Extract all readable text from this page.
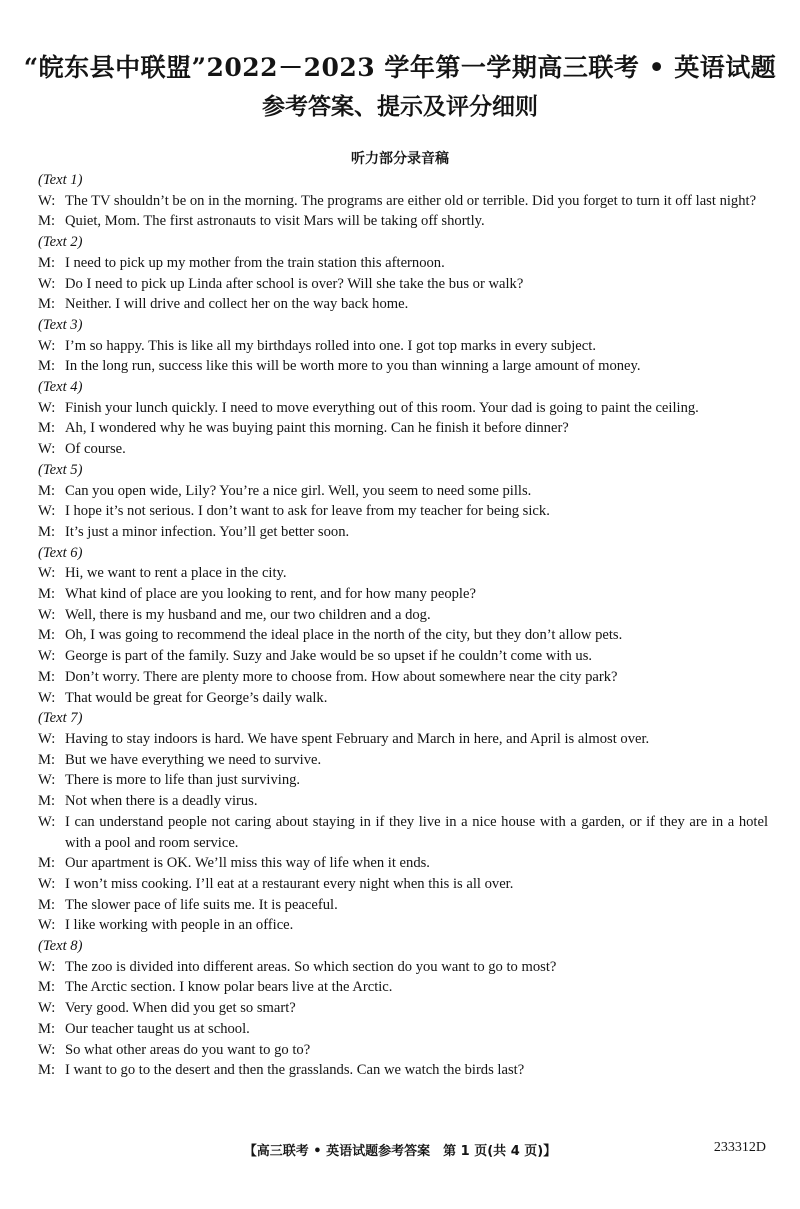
“皖东县中联盟”2022－2023 学年第一学期高三联考 • 英语试题
参考答案、提示及评分细则
听力部分录音稿
(Text 1)
W: The TV shouldn’t be on in the morning. The programs are either old or terrible. Did you forget to turn it off last night?
M: Quiet, Mom. The first astronauts to visit Mars will be taking off shortly.
(Text 2)
M: I need to pick up my mother from the train station this afternoon.
W: Do I need to pick up Linda after school is over? Will she take the bus or walk?
M: Neither. I will drive and collect her on the way back home.
(Text 3)
W: I’m so happy. This is like all my birthdays rolled into one. I got top marks in every subject.
M: In the long run, success like this will be worth more to you than winning a large amount of money.
(Text 4)
W: Finish your lunch quickly. I need to move everything out of this room. Your dad is going to paint the ceiling.
M: Ah, I wondered why he was buying paint this morning. Can he finish it before dinner?
W: Of course.
(Text 5)
M: Can you open wide, Lily? You’re a nice girl. Well, you seem to need some pills.
W: I hope it’s not serious. I don’t want to ask for leave from my teacher for being sick.
M: It’s just a minor infection. You’ll get better soon.
(Text 6)
W: Hi, we want to rent a place in the city.
M: What kind of place are you looking to rent, and for how many people?
W: Well, there is my husband and me, our two children and a dog.
M: Oh, I was going to recommend the ideal place in the north of the city, but they don’t allow pets.
W: George is part of the family. Suzy and Jake would be so upset if he couldn’t come with us.
M: Don’t worry. There are plenty more to choose from. How about somewhere near the city park?
W: That would be great for George’s daily walk.
(Text 7)
W: Having to stay indoors is hard. We have spent February and March in here, and April is almost over.
M: But we have everything we need to survive.
W: There is more to life than just surviving.
M: Not when there is a deadly virus.
W: I can understand people not caring about staying in if they live in a nice house with a garden, or if they are in a hotel with a pool and room service.
M: Our apartment is OK. We’ll miss this way of life when it ends.
W: I won’t miss cooking. I’ll eat at a restaurant every night when this is all over.
M: The slower pace of life suits me. It is peaceful.
W: I like working with people in an office.
(Text 8)
W: The zoo is divided into different areas. So which section do you want to go to most?
M: The Arctic section. I know polar bears live at the Arctic.
W: Very good. When did you get so smart?
M: Our teacher taught us at school.
W: So what other areas do you want to go to?
M: I want to go to the desert and then the grasslands. Can we watch the birds last?
【高三联考 • 英语试题参考答案　第 1 页(共 4 页)】	233312D
